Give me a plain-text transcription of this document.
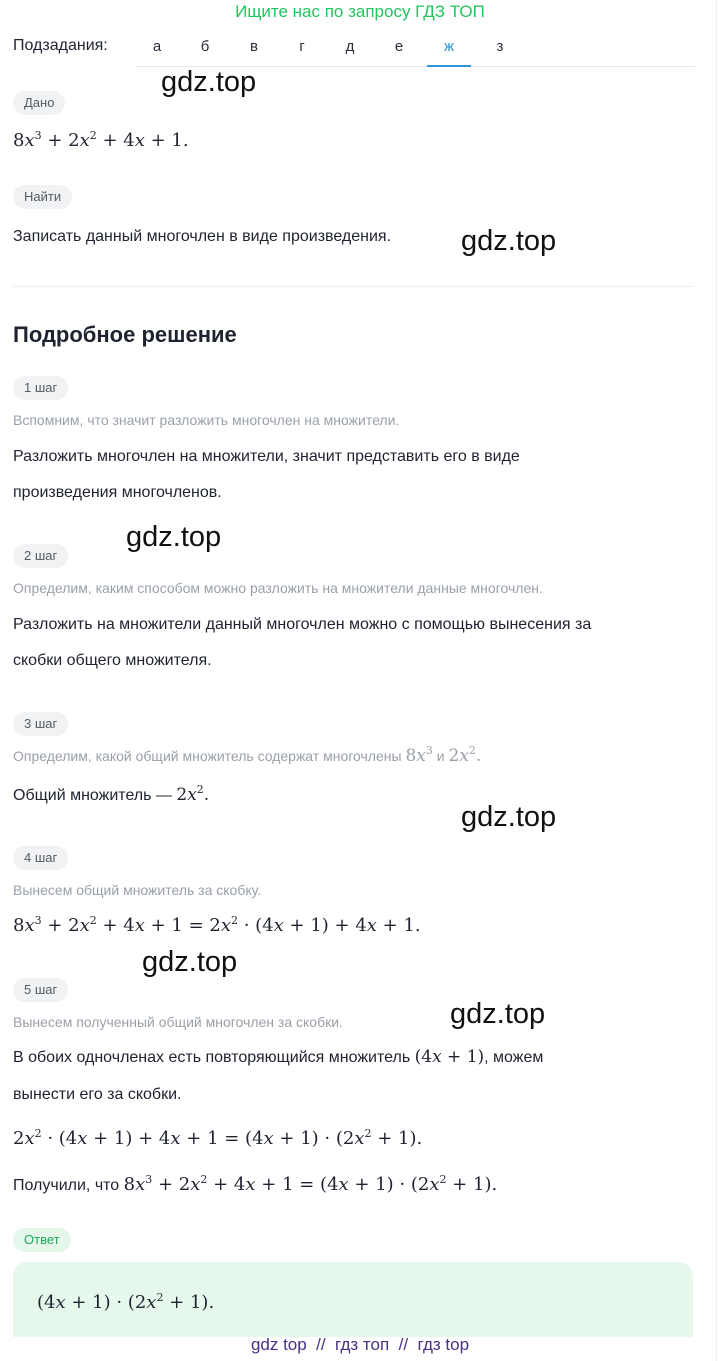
Ищите нас по запросу ГДЗ ТОП
Подзадания:	а	б	в	г	д	е	ж	з
gdz.top
Дано
$8x^3 + 2x^2 + 4x + 1$.
Найти
Записать данный многочлен в виде произведения. gdz.top
Подробное решение
1 шаг
Вспомним, что значит разложить многочлен на множители.
Разложить многочлен на множители, значит представить его в виде
произведения многочленов.
gdz.top
2 шаг
Определим, каким способом можно разложить на множители данные многочлен.
Разложить на множители данный многочлен можно с помощью вынесения за
скобки общего множителя.
3 шаг
Определим, какой общий множитель содержат многочлены $8x^3$ и $2x^2$.
Общий множитель — $2x^2$.
gdz.top
4 шаг
Вынесем общий множитель за скобку.
$8x^3 + 2x^2 + 4x + 1 = 2x^2 \cdot (4x + 1) + 4x + 1$.
gdz.top
5 шаг
gdz.top
Вынесем полученный общий многочлен за скобки.
В обоих одночленах есть повторяющийся множитель (4x + 1), можем
вынести его за скобки.
$2x^2 \cdot (4x + 1) + 4x + 1 = (4x + 1) \cdot (2x^2 + 1)$.
Получили, что $8x^3 + 2x^2 + 4x + 1 = (4x + 1) \cdot (2x^2 + 1)$.
Ответ
$(4x + 1) \cdot (2x^2 + 1)$.
gdz top  //  гдз топ  //  гдз top
